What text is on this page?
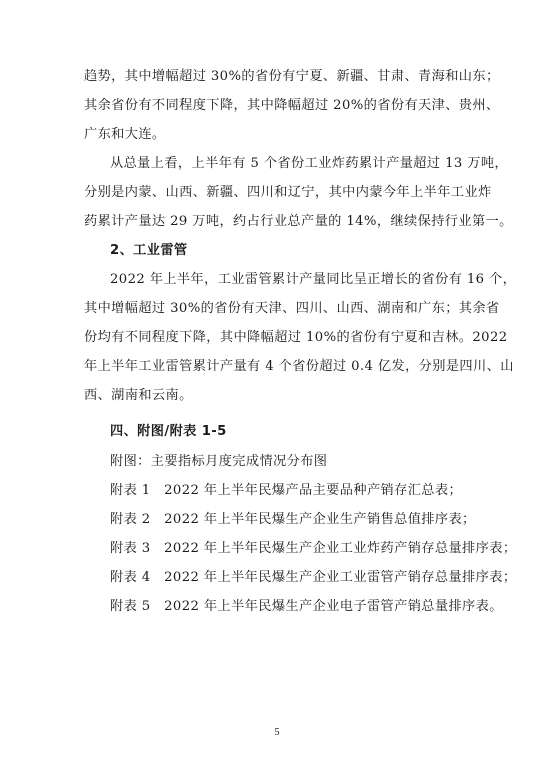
趋势，其中增幅超过 30%的省份有宁夏、新疆、甘肃、青海和山东；
其余省份有不同程度下降，其中降幅超过 20%的省份有天津、贵州、
广东和大连。
从总量上看，上半年有 5 个省份工业炸药累计产量超过 13 万吨，
分别是内蒙、山西、新疆、四川和辽宁，其中内蒙今年上半年工业炸
药累计产量达 29 万吨，约占行业总产量的 14%，继续保持行业第一。
2、工业雷管
2022 年上半年，工业雷管累计产量同比呈正增长的省份有 16 个，
其中增幅超过 30%的省份有天津、四川、山西、湖南和广东；其余省
份均有不同程度下降，其中降幅超过 10%的省份有宁夏和吉林。2022
年上半年工业雷管累计产量有 4 个省份超过 0.4 亿发，分别是四川、山
西、湖南和云南。
四、附图/附表 1-5
附图：主要指标月度完成情况分布图
附表 1　2022 年上半年民爆产品主要品种产销存汇总表；
附表 2　2022 年上半年民爆生产企业生产销售总值排序表；
附表 3　2022 年上半年民爆生产企业工业炸药产销存总量排序表；
附表 4　2022 年上半年民爆生产企业工业雷管产销存总量排序表；
附表 5　2022 年上半年民爆生产企业电子雷管产销总量排序表。
5
